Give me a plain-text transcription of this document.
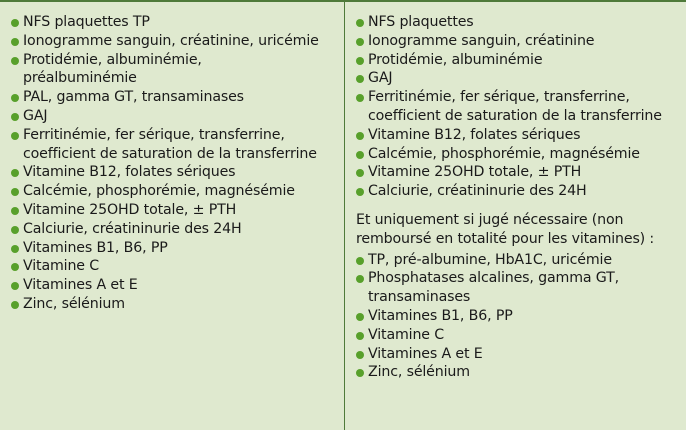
NFS plaquettes TP
Ionogramme sanguin, créatinine, uricémie
Protidémie, albuminémie, préalbuminémie
PAL, gamma GT, transaminases
GAJ
Ferritinémie, fer sérique, transferrine, coefficient de saturation de la transferrine
Vitamine B12, folates sériques
Calcémie, phosphorémie, magnésémie
Vitamine 25OHD totale, ± PTH
Calciurie, créatininurie des 24H
Vitamines B1, B6, PP
Vitamine C
Vitamines A et E
Zinc, sélénium
NFS plaquettes
Ionogramme sanguin, créatinine
Protidémie, albuminémie
GAJ
Ferritinémie, fer sérique, transferrine, coefficient de saturation de la transferrine
Vitamine B12, folates sériques
Calcémie, phosphorémie, magnésémie
Vitamine 25OHD totale, ± PTH
Calciurie, créatininurie des 24H
Et uniquement si jugé nécessaire (non remboursé en totalité pour les vitamines) :
TP, pré-albumine, HbA1C, uricémie
Phosphatases alcalines, gamma GT, transaminases
Vitamines B1, B6, PP
Vitamine C
Vitamines A et E
Zinc, sélénium
